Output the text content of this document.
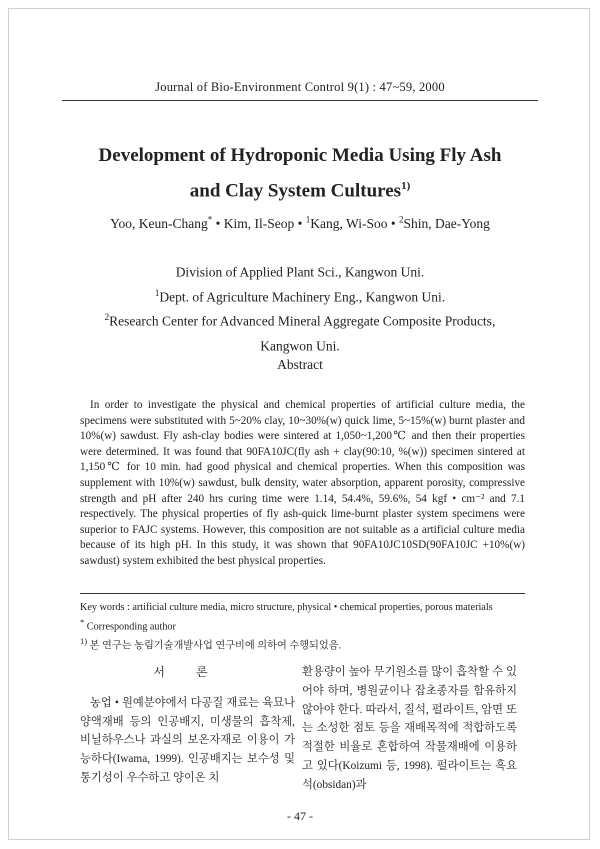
Journal of Bio-Environment Control 9(1) : 47~59, 2000
Development of Hydroponic Media Using Fly Ash
and Clay System Cultures$^{1)}$
Yoo, Keun-Chang* • Kim, Il-Seop • $^1$Kang, Wi-Soo • $^2$Shin, Dae-Yong
Division of Applied Plant Sci., Kangwon Uni.
$^1$Dept. of Agriculture Machinery Eng., Kangwon Uni.
$^2$Research Center for Advanced Mineral Aggregate Composite Products,
Kangwon Uni.
Abstract

In order to investigate the physical and chemical properties of artificial culture media, the specimens were substituted with 5~20% clay, 10~30%(w) quick lime, 5~15%(w) burnt plaster and 10%(w) sawdust. Fly ash-clay bodies were sintered at 1,050~1,200℃ and then their properties were determined. It was found that 90FA10JC(fly ash + clay(90:10, %(w)) specimen sintered at 1,150℃ for 10 min. had good physical and chemical properties. When this composition was supplement with 10%(w) sawdust, bulk density, water absorption, apparent porosity, compressive strength and pH after 240 hrs curing time were 1.14, 54.4%, 59.6%, 54 kgf • cm⁻² and 7.1 respectively. The physical properties of fly ash-quick lime-burnt plaster system specimens were superior to FAJC systems. However, this composition are not suitable as a artificial culture media because of its high pH. In this study, it was shown that 90FA10JC10SD(90FA10JC +10%(w) sawdust) system exhibited the best physical properties.

Key words : artificial culture media, micro structure, physical • chemical properties, porous materials
* Corresponding author
$^{1)}$ 본 연구는 농림기술개발사업 연구비에 의하여 수행되었음.
서 론
농업 • 원예분야에서 다공질 재료는 육묘나 양액재배 등의 인공배지, 미생물의 흡착제, 비닐하우스나 과실의 보온자재로 이용이 가능하다(Iwama, 1999). 인공배지는 보수성 및 통기성이 우수하고 양이온 치
환용량이 높아 무기원소를 많이 흡착할 수 있어야 하며, 병원균이나 잡초종자를 함유하지 않아야 한다. 따라서, 질석, 펄라이트, 암면 또는 소성한 점토 등을 재배목적에 적합하도록 적절한 비율로 혼합하여 작물재배에 이용하고 있다(Koizumi 등, 1998). 펄라이트는 흑요석(obsidan)과
- 47 -
